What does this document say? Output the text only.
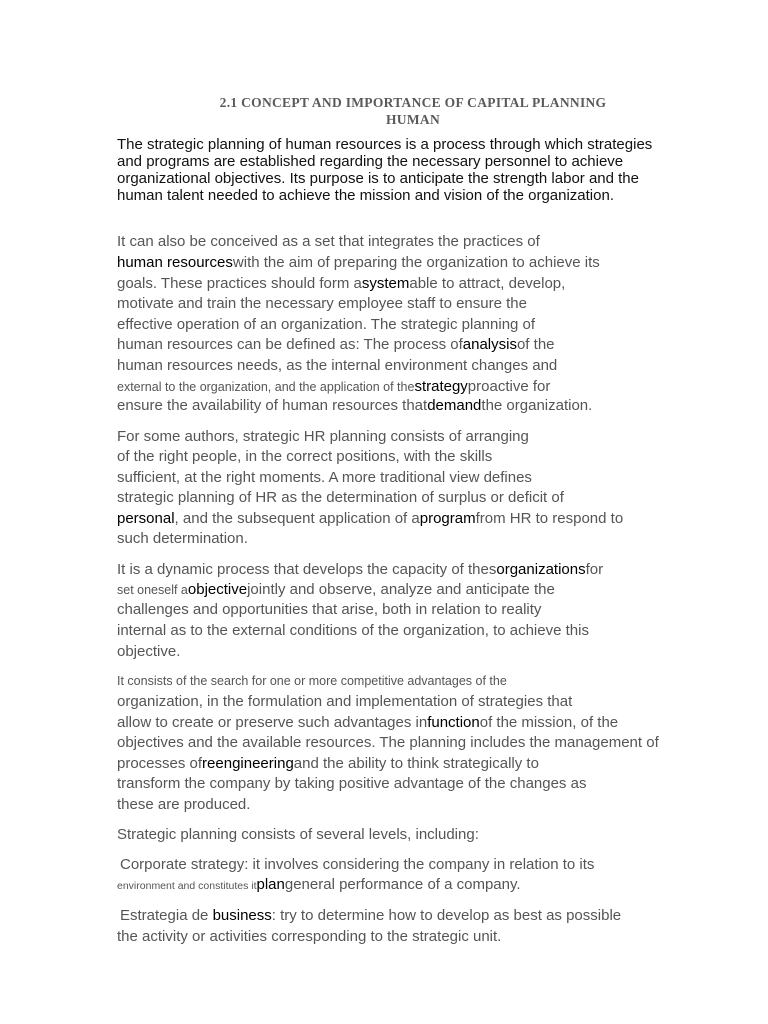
2.1 CONCEPT AND IMPORTANCE OF CAPITAL PLANNING
HUMAN
The strategic planning of human resources is a process through which strategies and programs are established regarding the necessary personnel to achieve organizational objectives. Its purpose is to anticipate the strength labor and the human talent needed to achieve the mission and vision of the organization.
It can also be conceived as a set that integrates the practices of
human resourceswith the aim of preparing the organization to achieve its
goals. These practices should form asystemable to attract, develop,
motivate and train the necessary employee staff to ensure the
effective operation of an organization. The strategic planning of
human resources can be defined as: The process ofanalysisof the
human resources needs, as the internal environment changes and
external to the organization, and the application of thestrategyproactive for
ensure the availability of human resources thatdemandthe organization.
For some authors, strategic HR planning consists of arranging
of the right people, in the correct positions, with the skills
sufficient, at the right moments. A more traditional view defines
strategic planning of HR as the determination of surplus or deficit of
personal, and the subsequent application of aprogramfrom HR to respond to
such determination.
It is a dynamic process that develops the capacity of thesorganizationsfor
set oneself aobjectivejointly and observe, analyze and anticipate the
challenges and opportunities that arise, both in relation to reality
internal as to the external conditions of the organization, to achieve this
objective.
It consists of the search for one or more competitive advantages of the
organization, in the formulation and implementation of strategies that
allow to create or preserve such advantages infunctionof the mission, of the
objectives and the available resources. The planning includes the management of
processes ofreengineeringand the ability to think strategically to
transform the company by taking positive advantage of the changes as
these are produced.
Strategic planning consists of several levels, including:
Corporate strategy: it involves considering the company in relation to its
environment and constitutes itplangeneral performance of a company.
Estrategia de business: try to determine how to develop as best as possible
the activity or activities corresponding to the strategic unit.
